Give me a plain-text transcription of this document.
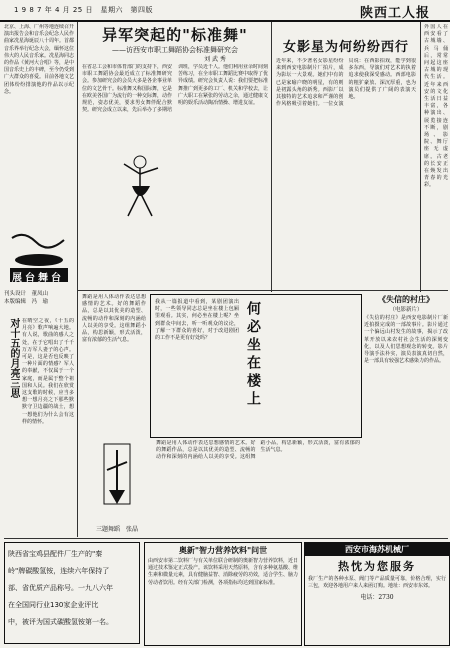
1 9 8 7 年 4 月 25 日　星期六　第四版	陕西工人报
北京、上海、广州等地连续召开演出报告会和音乐会纪念人民作曲家冼星海诞辰八十周年。首都音乐界举行纪念大会，缅怀这位伟大的人民音乐家。冼星海同志的作品《黄河大合唱》等，是中国音乐史上的丰碑，至今仍受到广大群众的喜爱。目前各地文艺团体纷纷排演他的作品以示纪念。
展台舞台
刊头设计　 董凤山
本版编辑　 冯　瑜
对十五的月亮三思 在晴空之夜，《十五的月亮》歌声响遍大地。有人说，歌曲的感人之处，在于它唱出了千千万万军人妻子的心声。可是，这是否也反映了一种片面的情感？军人的奉献，不仅属于一个家庭，而是属于整个祖国和人民。我们在欣赏这支歌的时候，应当多想一想月亮之下那些默默守卫边疆的战士，想一想他们为什么会有这样的情怀。
异军突起的"标准舞"
——访西安市职工舞蹈协会标准舞研究会
刘 武 秀
在省总工会和市体育部门的支持下，西安市职工舞蹈协会最近成立了标准舞研究会。参加研究会的会员大多是各企事业单位的文艺骨干。标准舞又称国际舞，它是在欧美各国广为流行的一种交际舞，动作规范，姿态优美，要求男女舞伴配合默契。研究会成立以来，先后举办了多期培训班，学员近千人。他们利用业余时间刻苦练习，在全市职工舞蹈比赛中取得了优异成绩。研究会负责人说：我们要把标准舞推广到更多的工厂、机关和学校去，让广大职工在紧张的劳动之余，通过健康文明的娱乐活动陶冶情操、增进友谊。
女影星为何纷纷西行
近年来，不少著名女影星纷纷来到西安电影制片厂拍片，成为影坛一大景观。她们中有的已是家喻户晓的明星，有的则是初露头角的新秀。西影厂以其独特的艺术追求和严谨的创作风格吸引着她们。一位女演员说：在西影拍戏，能学到很多东西，导演们对艺术的执着追求使我深受感动。西部电影的粗犷豪放、深沉厚重，也为演员们提供了广阔的表演天地。
外国人在西安看了古城墙、兵马俑后，常常问起这座古城的现代生活。近年来西安的文化生活日益丰富，各种演出、展览接连不断，剧场、影院、舞厅座无虚席。古老的长安正在焕发出青春的光彩。
何必坐在楼上
我从一篇报道中看到，某剧团演出时，一些领导同志总是坐在楼上包厢里观看。其实，何必坐在楼上呢？坐到群众中间去，听一听观众的议论，了解一下群众的喜好，对于改进剧团的工作不是更有好处吗？
舞蹈是用人体动作表达思想感情的艺术。好的舞蹈作品，总是以其优美的造型、流畅的动作和深刻的内涵给人以美的享受。这组舞蹈小品，构思新颖，形式活泼，富有浓郁的生活气息。
三题舞蹈　 张晶
《失信的村庄》
（电影新片）
《失信的村庄》是西安电影制片厂新近拍摄完成的一部故事片。影片通过一个偏远山村发生的故事，揭示了改革开放以来农村社会生活的深刻变化，以及人们思想观念的转变。影片导演手法朴实，演员表演真切自然，是一部具有较强艺术感染力的作品。
舞蹈是用人体动作表达思想感情的艺术。好的舞蹈作品，总是以其优美的造型、流畅的动作和深刻的内涵给人以美的享受。这组舞蹈小品，构思新颖，形式活泼，富有浓郁的生活气息。
陕西省宝鸡县配件厂生产的"秦
岭"牌碳酸氢铵，连续六年保持了
部、省优质产品称号。一九八六年
在全国同行业130家企业评比
中，被评为国式碳酸氢铵第一名。
奥新"智力营养饮料"问世
由西安市第二饮料厂与有关单位联合研制的奥新智力营养饮料，近日通过技术鉴定正式投产。该饮料采用天然原料，含有多种氨基酸、维生素和微量元素，具有健脑益智、消除疲劳的功效，适合学生、脑力劳动者饮用。经有关部门检测，各项指标均达到国家标准。
西安市海苏机械厂
热忱为您服务
我厂生产的各种水泵、阀门等产品质量可靠，价格合理，实行三包，欢迎各地用户来人来函订购。地址：西安市东郊。
电话：2730
